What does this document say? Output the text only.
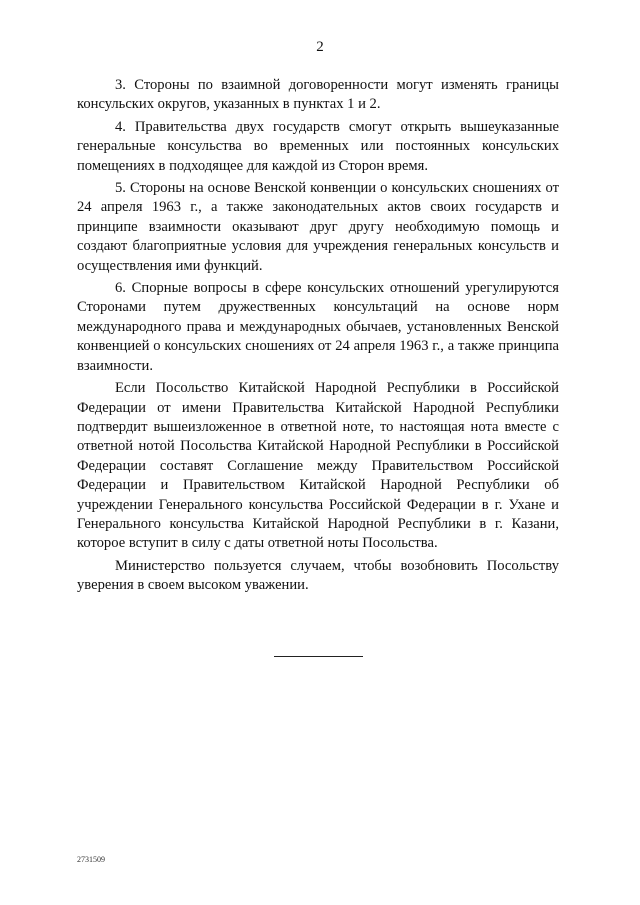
2

3. Стороны по взаимной договоренности могут изменять границы консульских округов, указанных в пунктах 1 и 2.

4. Правительства двух государств смогут открыть вышеуказанные генеральные консульства во временных или постоянных консульских помещениях в подходящее для каждой из Сторон время.

5. Стороны на основе Венской конвенции о консульских сношениях от 24 апреля 1963 г., а также законодательных актов своих государств и принципе взаимности оказывают друг другу необходимую помощь и создают благоприятные условия для учреждения генеральных консульств и осуществления ими функций.

6. Спорные вопросы в сфере консульских отношений урегулируются Сторонами путем дружественных консультаций на основе норм международного права и международных обычаев, установленных Венской конвенцией о консульских сношениях от 24 апреля 1963 г., а также принципа взаимности.

Если Посольство Китайской Народной Республики в Российской Федерации от имени Правительства Китайской Народной Республики подтвердит вышеизложенное в ответной ноте, то настоящая нота вместе с ответной нотой Посольства Китайской Народной Республики в Российской Федерации составят Соглашение между Правительством Российской Федерации и Правительством Китайской Народной Республики об учреждении Генерального консульства Российской Федерации в г. Ухане и Генерального консульства Китайской Народной Республики в г. Казани, которое вступит в силу с даты ответной ноты Посольства.

Министерство пользуется случаем, чтобы возобновить Посольству уверения в своем высоком уважении.

2731509
